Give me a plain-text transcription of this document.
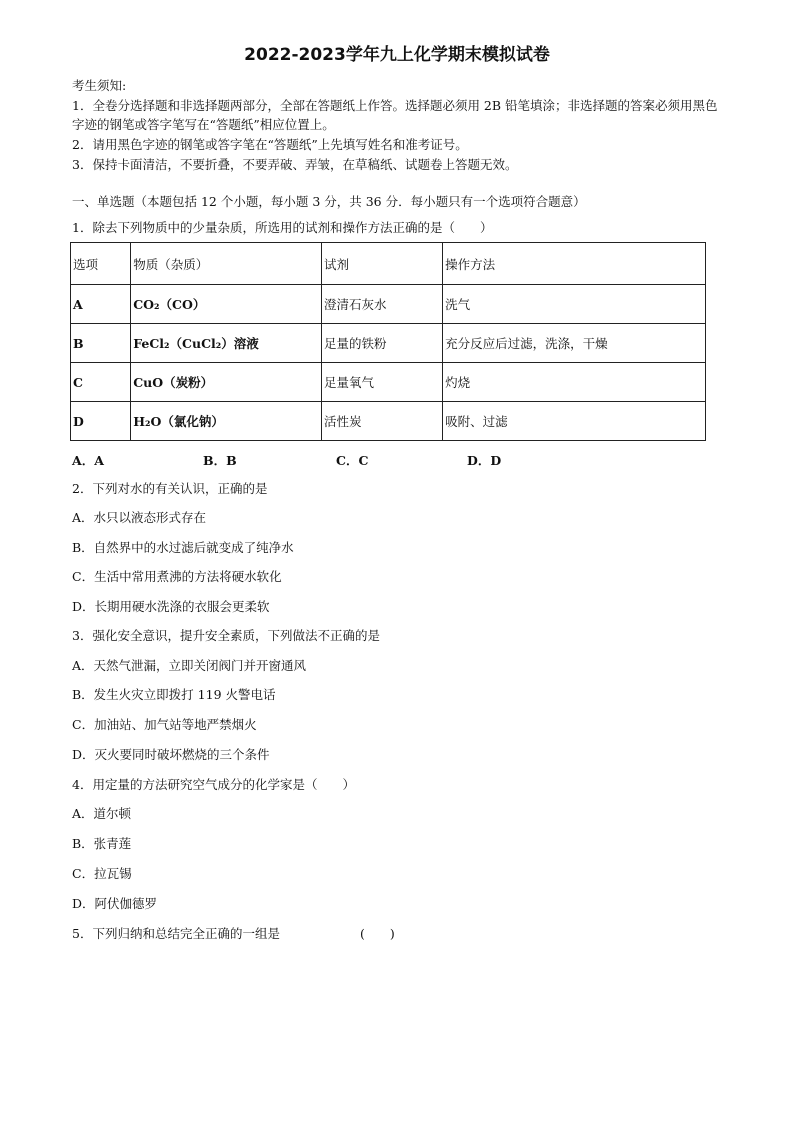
2022-2023学年九上化学期末模拟试卷
考生须知:
1．全卷分选择题和非选择题两部分，全部在答题纸上作答。选择题必须用 2B 铅笔填涂；非选择题的答案必须用黑色
字迹的钢笔或答字笔写在“答题纸”相应位置上。
2．请用黑色字迹的钢笔或答字笔在“答题纸”上先填写姓名和准考证号。
3．保持卡面清洁，不要折叠，不要弄破、弄皱，在草稿纸、试题卷上答题无效。
一、单选题（本题包括 12 个小题，每小题 3 分，共 36 分．每小题只有一个选项符合题意）
1．除去下列物质中的少量杂质，所选用的试剂和操作方法正确的是（　　）
选项	物质（杂质）	试剂	操作方法
A	CO₂（CO）	澄清石灰水	洗气
B	FeCl₂（CuCl₂）溶液	足量的铁粉	充分反应后过滤，洗涤，干燥
C	CuO（炭粉）	足量氧气	灼烧
D	H₂O（氯化钠）	活性炭	吸附、过滤
A．A	B．B	C．C	D．D
2．下列对水的有关认识，正确的是
A．水只以液态形式存在
B．自然界中的水过滤后就变成了纯净水
C．生活中常用煮沸的方法将硬水软化
D．长期用硬水洗涤的衣服会更柔软
3．强化安全意识，提升安全素质，下列做法不正确的是
A．天然气泄漏，立即关闭阀门并开窗通风
B．发生火灾立即拨打 119 火警电话
C．加油站、加气站等地严禁烟火
D．灭火要同时破坏燃烧的三个条件
4．用定量的方法研究空气成分的化学家是（　　）
A．道尔顿
B．张青莲
C．拉瓦锡
D．阿伏伽德罗
5．下列归纳和总结完全正确的一组是	(　　)
